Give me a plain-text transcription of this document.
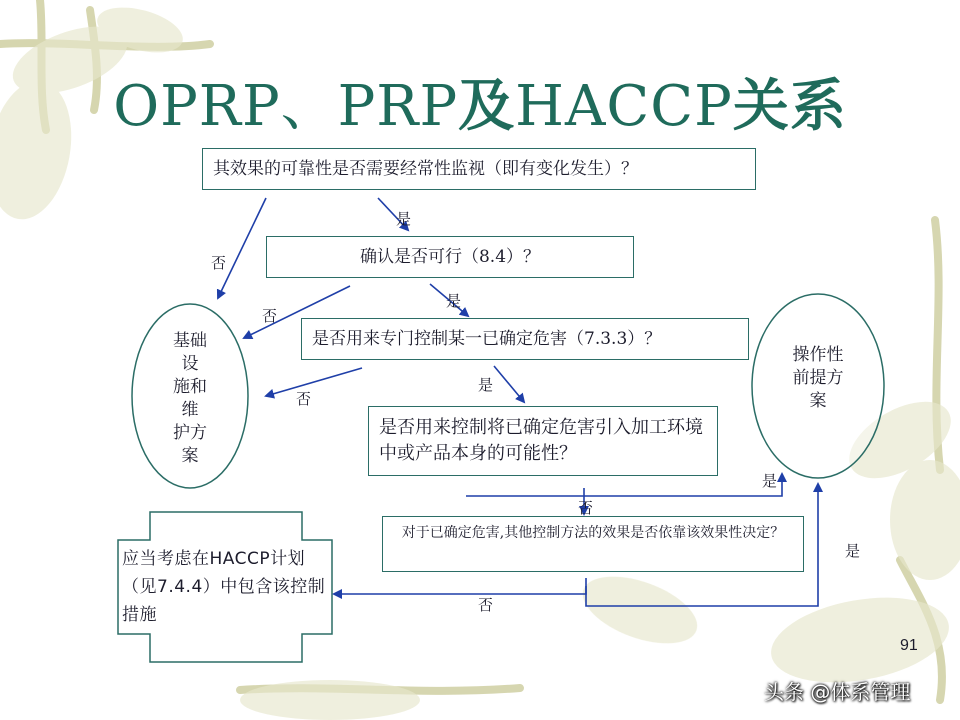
OPRP、PRP及HACCP关系
其效果的可靠性是否需要经常性监视（即有变化发生）？
确认是否可行（8.4）？
是否用来专门控制某一已确定危害（7.3.3）？
是否用来控制将已确定危害引入加工环境中或产品本身的可能性？
对于已确定危害,其他控制方法的效果是否依靠该效果性决定？
基础
设
施和
维
护方
案
操作性
前提方
案
应当考虑在HACCP计划（见7.4.4）中包含该控制措施
是
否
否
是
是
否
是
否
是
否
91
头条 @体系管理
